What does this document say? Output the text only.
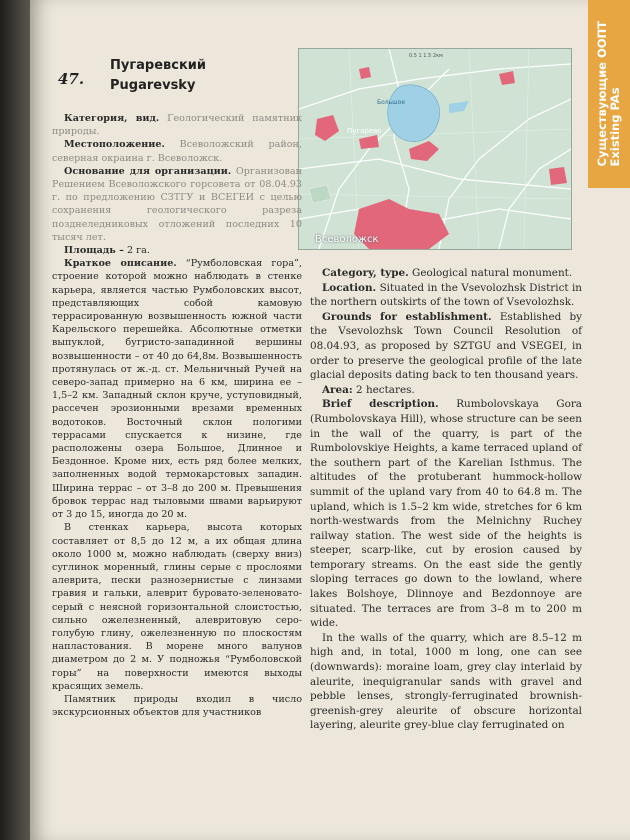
Существующие ООПТ
Existing PAs
47.
Пугаревский
Pugarevsky
0.5 1 1.5 2км
Большое
Пугарево
Всеволожск

Категория, вид. Геологический памятник природы.

Местоположение. Всеволожский район, северная окраина г. Всеволожск.

Основание для организации. Организован Решением Всеволожского горсовета от 08.04.93 г. по предложению СЗТГУ и ВСЕГЕИ с целью сохранения геологического разреза позднеледниковых отложений последних 10 тысяч лет.

Площадь – 2 га.

Краткое описание. “Румболовская гора”, строение которой можно наблюдать в стенке карьера, является частью Румболовских высот, представляющих собой камовую террасированную возвышенность южной части Карельского перешейка. Абсолютные отметки выпуклой, бугристо-западинной вершины возвышенности – от 40 до 64,8м. Возвышенность протянулась от ж.-д. ст. Мельничный Ручей на северо-запад примерно на 6 км, ширина ее – 1,5–2 км. Западный склон круче, уступовидный, рассечен эрозионными врезами временных водотоков. Восточный склон пологими террасами спускается к низине, где расположены озера Большое, Длинное и Бездонное. Кроме них, есть ряд более мелких, заполненных водой термокарстовых западин. Ширина террас – от 3–8 до 200 м. Превышения бровок террас над тыловыми швами варьируют от 3 до 15, иногда до 20 м.

В стенках карьера, высота которых составляет от 8,5 до 12 м, а их общая длина около 1000 м, можно наблюдать (сверху вниз) суглинок моренный, глины серые с прослоями алеврита, пески разнозернистые с линзами гравия и гальки, алеврит буровато-зеленовато-серый с неясной горизонтальной слоистостью, сильно ожелезненный, алевритовую серо-голубую глину, ожелезненную по плоскостям напластования. В морене много валунов диаметром до 2 м. У подножья “Румболовской горы” на поверхности имеются выходы красящих земель.

Памятник природы входил в число экскурсионных объектов для участников

Category, type. Geological natural monument.

Location. Situated in the Vsevolozhsk District in the northern outskirts of the town of Vsevolozhsk.

Grounds for establishment. Established by the Vsevolozhsk Town Council Resolution of 08.04.93, as proposed by SZTGU and VSEGEI, in order to preserve the geological profile of the late glacial deposits dating back to ten thousand years.

Area: 2 hectares.

Brief description. Rumbolovskaya Gora (Rumbolovskaya Hill), whose structure can be seen in the wall of the quarry, is part of the Rumbolovskiye Heights, a kame terraced upland of the southern part of the Karelian Isthmus. The altitudes of the protuberant hummock-hollow summit of the upland vary from 40 to 64.8 m. The upland, which is 1.5–2 km wide, stretches for 6 km north-westwards from the Melnichny Ruchey railway station. The west side of the heights is steeper, scarp-like, cut by erosion caused by temporary streams. On the east side the gently sloping terraces go down to the lowland, where lakes Bolshoye, Dlinnoye and Bezdonnoye are situated. The terraces are from 3–8 m to 200 m wide.

In the walls of the quarry, which are 8.5–12 m high and, in total, 1000 m long, one can see (downwards): moraine loam, grey clay interlaid by aleurite, inequigranular sands with gravel and pebble lenses, strongly-ferruginated brownish-greenish-grey aleurite of obscure horizontal layering, aleurite grey-blue clay ferruginated on
